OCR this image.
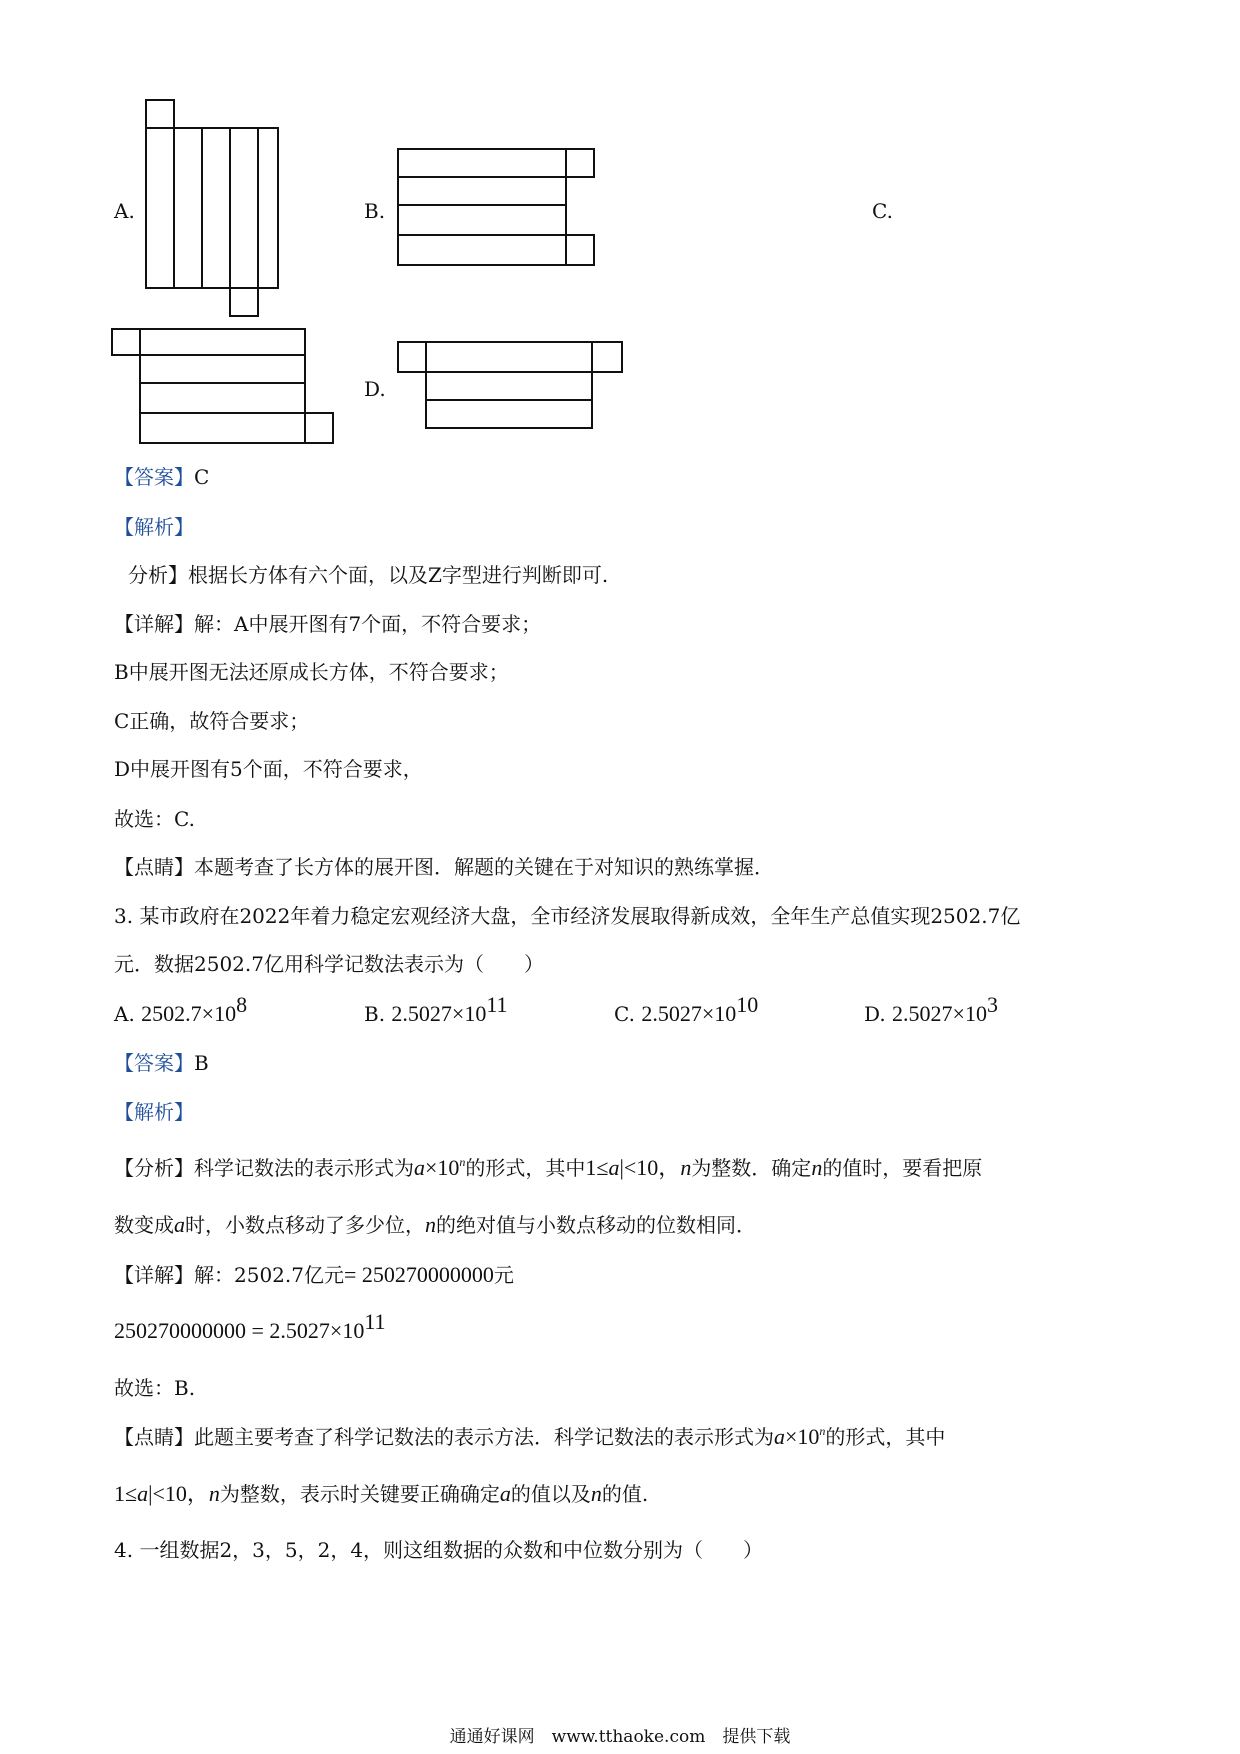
A.	B.	C.
D.
【答案】C
【解析】
分析】根据长方体有六个面，以及Z字型进行判断即可.
【详解】解：A中展开图有7个面，不符合要求；
B中展开图无法还原成长方体，不符合要求；
C正确，故符合要求；
D中展开图有5个面，不符合要求，
故选：C.
【点睛】本题考查了长方体的展开图．解题的关键在于对知识的熟练掌握．
3. 某市政府在2022年着力稳定宏观经济大盘，全市经济发展取得新成效，全年生产总值实现2502.7亿
元．数据2502.7亿用科学记数法表示为（　　）
A. $2502.7\times 10^8$	B. $2.5027\times 10^{11}$	C. $2.5027\times 10^{10}$	D. $2.5027\times 10^3$
【答案】B
【解析】
【分析】科学记数法的表示形式为$a\times 10^n$的形式，其中1≤a|<10，n为整数．确定n的值时，要看把原
数变成a时，小数点移动了多少位，n的绝对值与小数点移动的位数相同．
【详解】解：2502.7亿元= 250270000000元
$250270000000 = 2.5027\times 10^{11}$
故选：B.
【点睛】此题主要考查了科学记数法的表示方法．科学记数法的表示形式为$a\times 10^n$的形式，其中
1≤a|<10，n为整数，表示时关键要正确确定a的值以及n的值.
4. 一组数据2，3，5，2，4，则这组数据的众数和中位数分别为（　　）
通通好课网　www.tthaoke.com　提供下载
